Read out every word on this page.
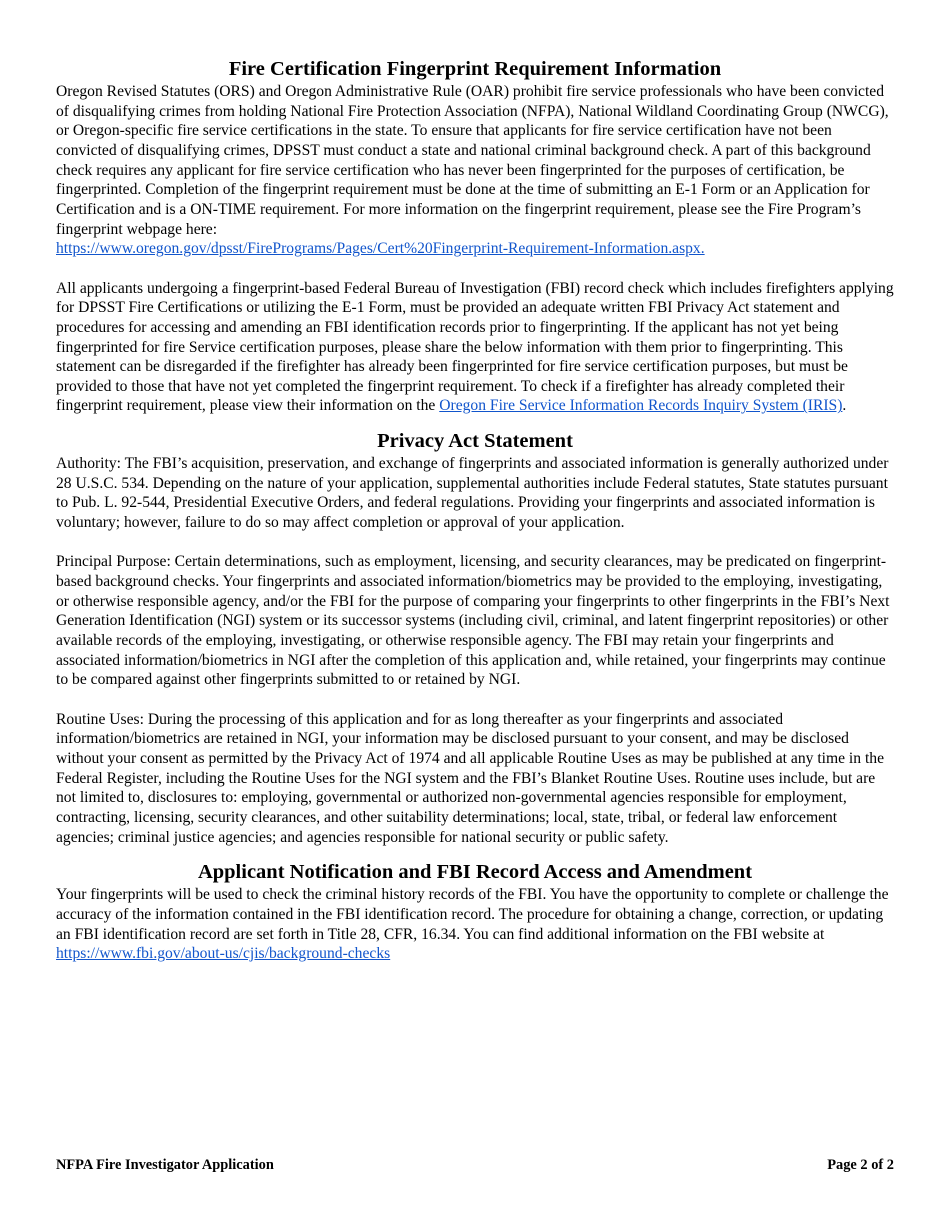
Fire Certification Fingerprint Requirement Information

Oregon Revised Statutes (ORS) and Oregon Administrative Rule (OAR) prohibit fire service professionals who have been convicted of disqualifying crimes from holding National Fire Protection Association (NFPA), National Wildland Coordinating Group (NWCG), or Oregon-specific fire service certifications in the state. To ensure that applicants for fire service certification have not been convicted of disqualifying crimes, DPSST must conduct a state and national criminal background check. A part of this background check requires any applicant for fire service certification who has never been fingerprinted for the purposes of certification, be fingerprinted. Completion of the fingerprint requirement must be done at the time of submitting an E-1 Form or an Application for Certification and is a ON-TIME requirement. For more information on the fingerprint requirement, please see the Fire Program’s fingerprint webpage here:
https://www.oregon.gov/dpsst/FirePrograms/Pages/Cert%20Fingerprint-Requirement-Information.aspx.

All applicants undergoing a fingerprint-based Federal Bureau of Investigation (FBI) record check which includes firefighters applying for DPSST Fire Certifications or utilizing the E-1 Form, must be provided an adequate written FBI Privacy Act statement and procedures for accessing and amending an FBI identification records prior to fingerprinting. If the applicant has not yet being fingerprinted for fire Service certification purposes, please share the below information with them prior to fingerprinting. This statement can be disregarded if the firefighter has already been fingerprinted for fire service certification purposes, but must be provided to those that have not yet completed the fingerprint requirement. To check if a firefighter has already completed their fingerprint requirement, please view their information on the Oregon Fire Service Information Records Inquiry System (IRIS).

Privacy Act Statement

Authority: The FBI’s acquisition, preservation, and exchange of fingerprints and associated information is generally authorized under 28 U.S.C. 534. Depending on the nature of your application, supplemental authorities include Federal statutes, State statutes pursuant to Pub. L. 92-544, Presidential Executive Orders, and federal regulations. Providing your fingerprints and associated information is voluntary; however, failure to do so may affect completion or approval of your application.

Principal Purpose: Certain determinations, such as employment, licensing, and security clearances, may be predicated on fingerprint-based background checks. Your fingerprints and associated information/biometrics may be provided to the employing, investigating, or otherwise responsible agency, and/or the FBI for the purpose of comparing your fingerprints to other fingerprints in the FBI’s Next Generation Identification (NGI) system or its successor systems (including civil, criminal, and latent fingerprint repositories) or other available records of the employing, investigating, or otherwise responsible agency. The FBI may retain your fingerprints and associated information/biometrics in NGI after the completion of this application and, while retained, your fingerprints may continue to be compared against other fingerprints submitted to or retained by NGI.

Routine Uses: During the processing of this application and for as long thereafter as your fingerprints and associated information/biometrics are retained in NGI, your information may be disclosed pursuant to your consent, and may be disclosed without your consent as permitted by the Privacy Act of 1974 and all applicable Routine Uses as may be published at any time in the Federal Register, including the Routine Uses for the NGI system and the FBI’s Blanket Routine Uses. Routine uses include, but are not limited to, disclosures to: employing, governmental or authorized non-governmental agencies responsible for employment, contracting, licensing, security clearances, and other suitability determinations; local, state, tribal, or federal law enforcement agencies; criminal justice agencies; and agencies responsible for national security or public safety.

Applicant Notification and FBI Record Access and Amendment

Your fingerprints will be used to check the criminal history records of the FBI. You have the opportunity to complete or challenge the accuracy of the information contained in the FBI identification record. The procedure for obtaining a change, correction, or updating an FBI identification record are set forth in Title 28, CFR, 16.34. You can find additional information on the FBI website at https://www.fbi.gov/about-us/cjis/background-checks

NFPA Fire Investigator Application	Page 2 of 2
